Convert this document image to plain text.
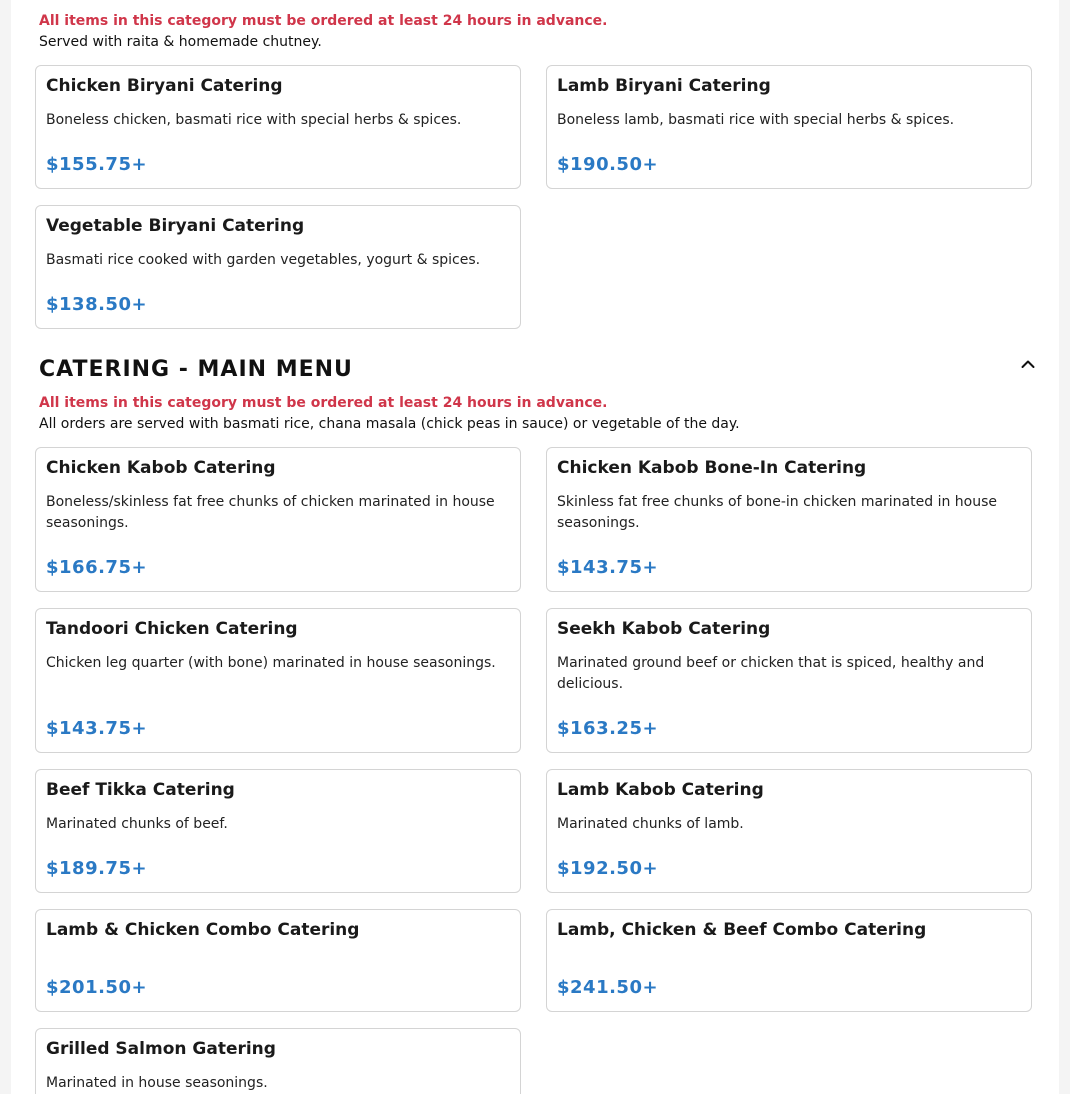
All items in this category must be ordered at least 24 hours in advance.
Served with raita & homemade chutney.
Chicken Biryani Catering
Boneless chicken, basmati rice with special herbs & spices.
$155.75+
Lamb Biryani Catering
Boneless lamb, basmati rice with special herbs & spices.
$190.50+
Vegetable Biryani Catering
Basmati rice cooked with garden vegetables, yogurt & spices.
$138.50+
CATERING - MAIN MENU
All items in this category must be ordered at least 24 hours in advance.
All orders are served with basmati rice, chana masala (chick peas in sauce) or vegetable of the day.
Chicken Kabob Catering
Boneless/skinless fat free chunks of chicken marinated in house seasonings.
$166.75+
Chicken Kabob Bone-In Catering
Skinless fat free chunks of bone-in chicken marinated in house seasonings.
$143.75+
Tandoori Chicken Catering
Chicken leg quarter (with bone) marinated in house seasonings.
$143.75+
Seekh Kabob Catering
Marinated ground beef or chicken that is spiced, healthy and delicious.
$163.25+
Beef Tikka Catering
Marinated chunks of beef.
$189.75+
Lamb Kabob Catering
Marinated chunks of lamb.
$192.50+
Lamb & Chicken Combo Catering
$201.50+
Lamb, Chicken & Beef Combo Catering
$241.50+
Grilled Salmon Gatering
Marinated in house seasonings.
